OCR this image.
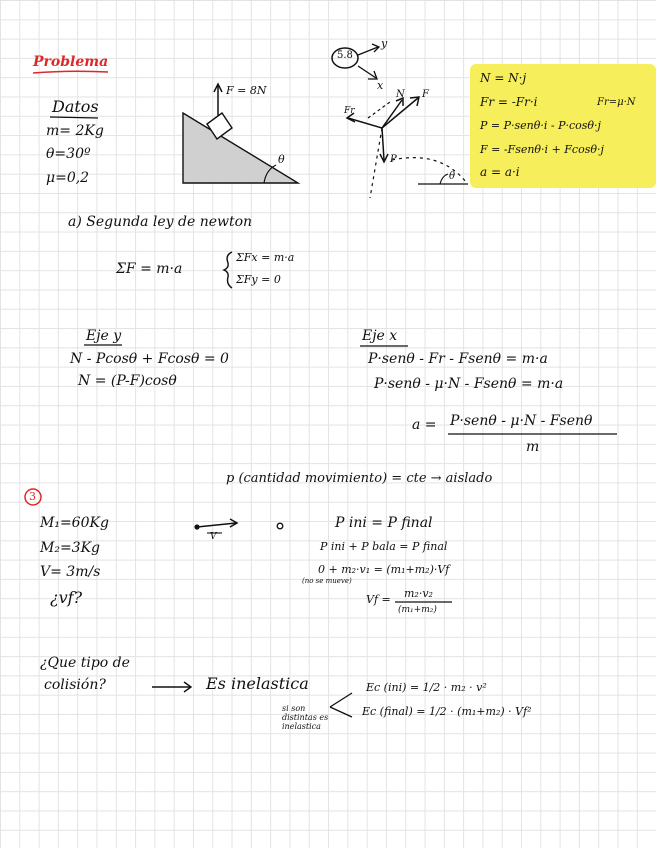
Problema
Datos
m= 2Kg
θ=30º
μ=0,2
F = 8N
θ
5.8
y
x
Fr
N F
P
θ
N = N·j
Fr = -Fr·i	Fr=μ·N
P = P·senθ·i - P·cosθ·j
F = -Fsenθ·i + Fcosθ·j
a = a·i
a) Segunda ley de newton
ΣF = m·a
ΣFx = m·a
ΣFy = 0
Eje y
N - Pcosθ + Fcosθ = 0
N = (P-F)cosθ
Eje x
P·senθ - Fr - Fsenθ = m·a
P·senθ - μ·N - Fsenθ = m·a
a = P·senθ - μ·N - Fsenθ
m
p (cantidad movimiento) = cte → aislado
3
M₁=60Kg
M₂=3Kg
V= 3m/s
¿vf?
V
P ini = P final
P ini + P bala = P final
0 + m₂·v₁ = (m₁+m₂)·Vf
(no se mueve)
Vf = m₂·v₂
(m₁+m₂)
¿Que tipo de
colisión?	Es inelastica	Ec (ini) = 1/2 · m₂ · v²
Ec (final) = 1/2 · (m₁+m₂) · Vf²
si son distintas es inelastica
